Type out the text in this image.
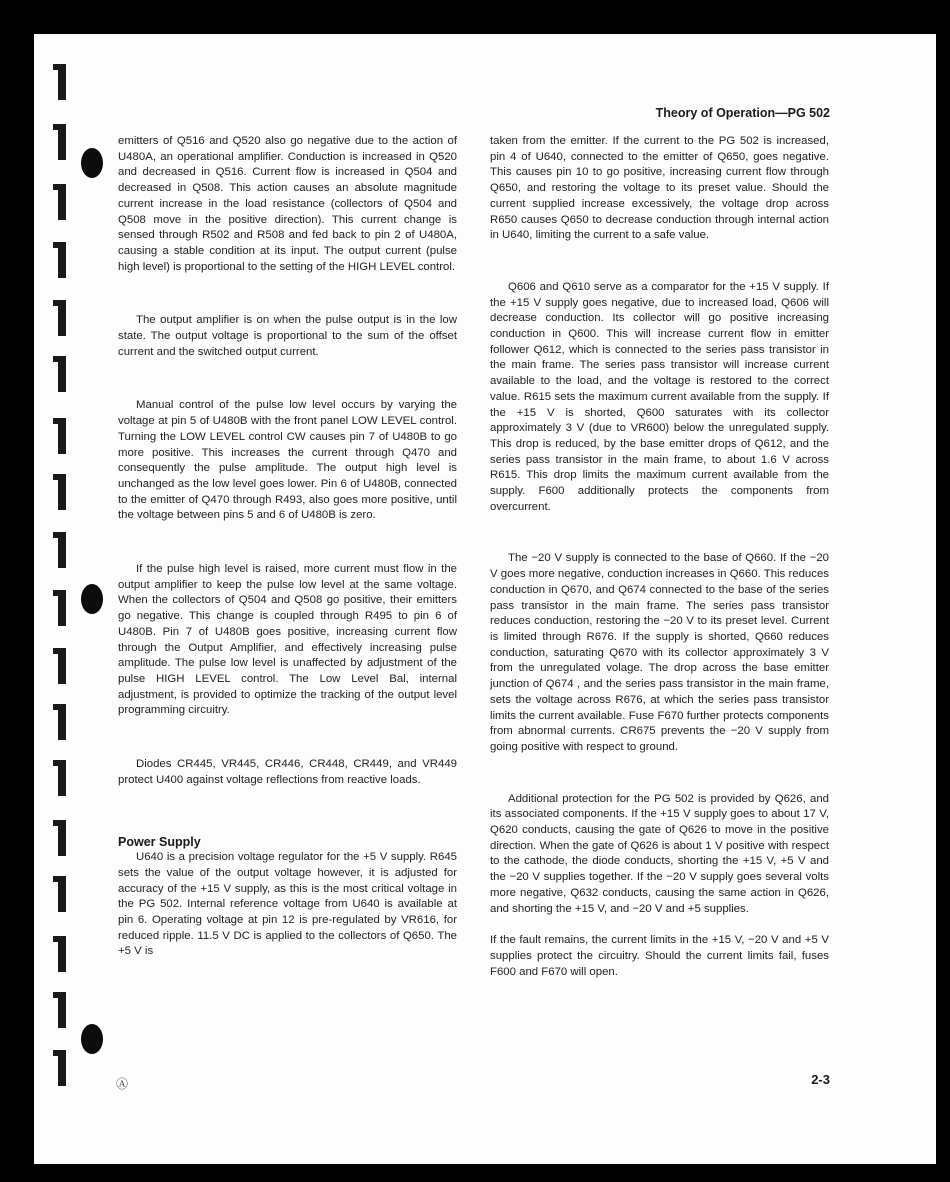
Theory of Operation—PG 502

emitters of Q516 and Q520 also go negative due to the action of U480A, an operational amplifier. Conduction is increased in Q520 and decreased in Q516. Current flow is increased in Q504 and decreased in Q508. This action causes an absolute magnitude current increase in the load resistance (collectors of Q504 and Q508 move in the positive direction). This current change is sensed through R502 and R508 and fed back to pin 2 of U480A, causing a stable condition at its input. The output current (pulse high level) is proportional to the setting of the HIGH LEVEL control.

The output amplifier is on when the pulse output is in the low state. The output voltage is proportional to the sum of the offset current and the switched output current.

Manual control of the pulse low level occurs by varying the voltage at pin 5 of U480B with the front panel LOW LEVEL control. Turning the LOW LEVEL control CW causes pin 7 of U480B to go more positive. This increases the current through Q470 and consequently the pulse amplitude. The output high level is unchanged as the low level goes lower. Pin 6 of U480B, connected to the emitter of Q470 through R493, also goes more positive, until the voltage between pins 5 and 6 of U480B is zero.

If the pulse high level is raised, more current must flow in the output amplifier to keep the pulse low level at the same voltage. When the collectors of Q504 and Q508 go positive, their emitters go negative. This change is coupled through R495 to pin 6 of U480B. Pin 7 of U480B goes positive, increasing current flow through the Output Amplifier, and effectively increasing pulse amplitude. The pulse low level is unaffected by adjustment of the pulse HIGH LEVEL control. The Low Level Bal, internal adjustment, is provided to optimize the tracking of the output level programming circuitry.

Diodes CR445, VR445, CR446, CR448, CR449, and VR449 protect U400 against voltage reflections from reactive loads.

Power Supply

U640 is a precision voltage regulator for the +5 V supply. R645 sets the value of the output voltage however, it is adjusted for accuracy of the +15 V supply, as this is the most critical voltage in the PG 502. Internal reference voltage from U640 is available at pin 6. Operating voltage at pin 12 is pre-regulated by VR616, for reduced ripple. 11.5 V DC is applied to the collectors of Q650. The +5 V is

taken from the emitter. If the current to the PG 502 is increased, pin 4 of U640, connected to the emitter of Q650, goes negative. This causes pin 10 to go positive, increasing current flow through Q650, and restoring the voltage to its preset value. Should the current supplied increase excessively, the voltage drop across R650 causes Q650 to decrease conduction through internal action in U640, limiting the current to a safe value.

Q606 and Q610 serve as a comparator for the +15 V supply. If the +15 V supply goes negative, due to increased load, Q606 will decrease conduction. Its collector will go positive increasing conduction in Q600. This will increase current flow in emitter follower Q612, which is connected to the series pass transistor in the main frame. The series pass transistor will increase current available to the load, and the voltage is restored to the correct value. R615 sets the maximum current available from the supply. If the +15 V is shorted, Q600 saturates with its collector approximately 3 V (due to VR600) below the unregulated supply. This drop is reduced, by the base emitter drops of Q612, and the series pass transistor in the main frame, to about 1.6 V across R615. This drop limits the maximum current available from the supply. F600 additionally protects the components from overcurrent.

The −20 V supply is connected to the base of Q660. If the −20 V goes more negative, conduction increases in Q660. This reduces conduction in Q670, and Q674 connected to the base of the series pass transistor in the main frame. The series pass transistor reduces conduction, restoring the −20 V to its preset level. Current is limited through R676. If the supply is shorted, Q660 reduces conduction, saturating Q670 with its collector approximately 3 V from the unregulated volage. The drop across the base emitter junction of Q674 , and the series pass transistor in the main frame, sets the voltage across R676, at which the series pass transistor limits the current available. Fuse F670 further protects components from abnormal currents. CR675 prevents the −20 V supply from going positive with respect to ground.

Additional protection for the PG 502 is provided by Q626, and its associated components. If the +15 V supply goes to about 17 V, Q620 conducts, causing the gate of Q626 to move in the positive direction. When the gate of Q626 is about 1 V positive with respect to the cathode, the diode conducts, shorting the +15 V, +5 V and the −20 V supplies together. If the −20 V supply goes several volts more negative, Q632 conducts, causing the same action in Q626, and shorting the +15 V, and −20 V and +5 supplies.

If the fault remains, the current limits in the +15 V, −20 V and +5 V supplies protect the circuitry. Should the current limits fail, fuses F600 and F670 will open.

Ⓐ	2-3
